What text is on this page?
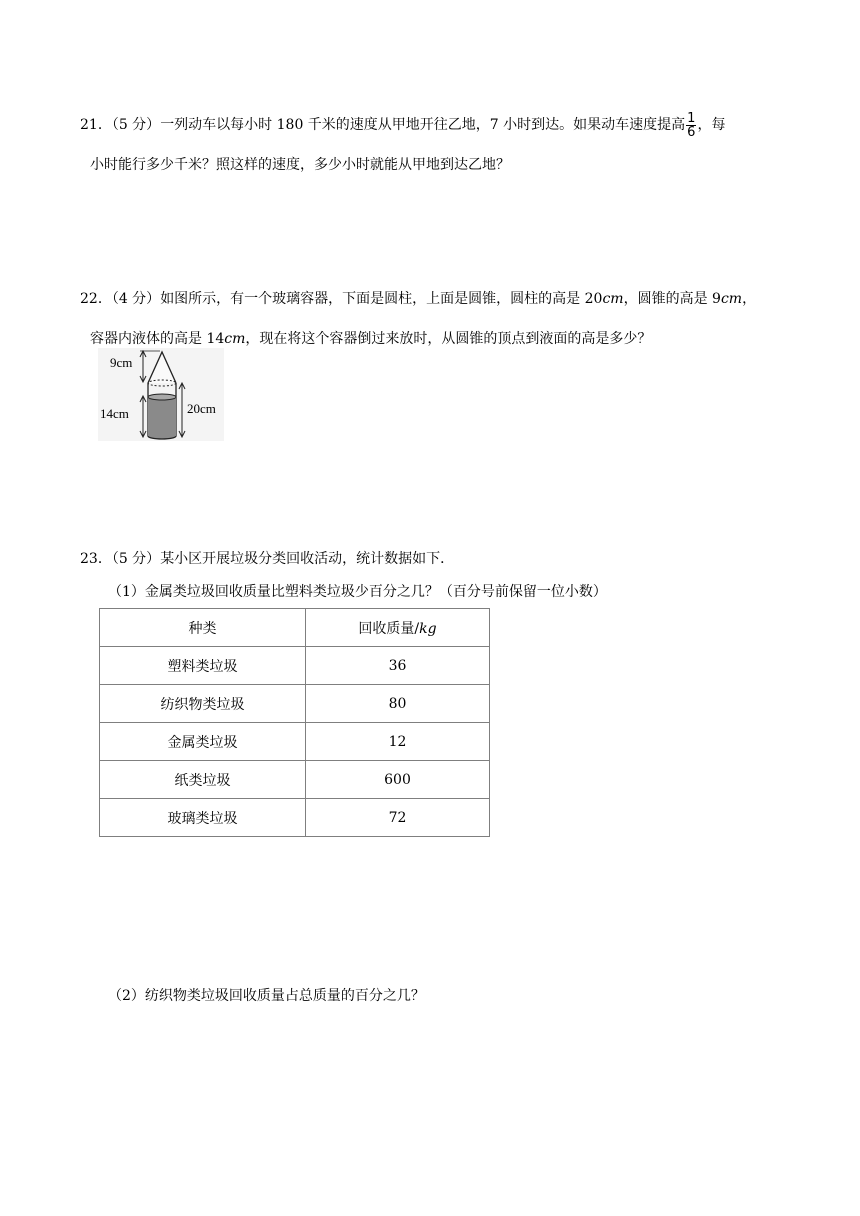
21．（5 分）一列动车以每小时 180 千米的速度从甲地开往乙地，7 小时到达。如果动车速度提高 $\frac{1}{6}$ ，每
小时能行多少千米？照这样的速度，多少小时就能从甲地到达乙地？
22．（4 分）如图所示，有一个玻璃容器，下面是圆柱，上面是圆锥，圆柱的高是 20cm，圆锥的高是 9cm，
容器内液体的高是 14cm，现在将这个容器倒过来放时，从圆锥的顶点到液面的高是多少？
9cm
14cm	20cm
23．（5 分）某小区开展垃圾分类回收活动，统计数据如下．
（1）金属类垃圾回收质量比塑料类垃圾少百分之几？（百分号前保留一位小数）
种类	回收质量/kg
塑料类垃圾	36
纺织物类垃圾	80
金属类垃圾	12
纸类垃圾	600
玻璃类垃圾	72
（2）纺织物类垃圾回收质量占总质量的百分之几？
